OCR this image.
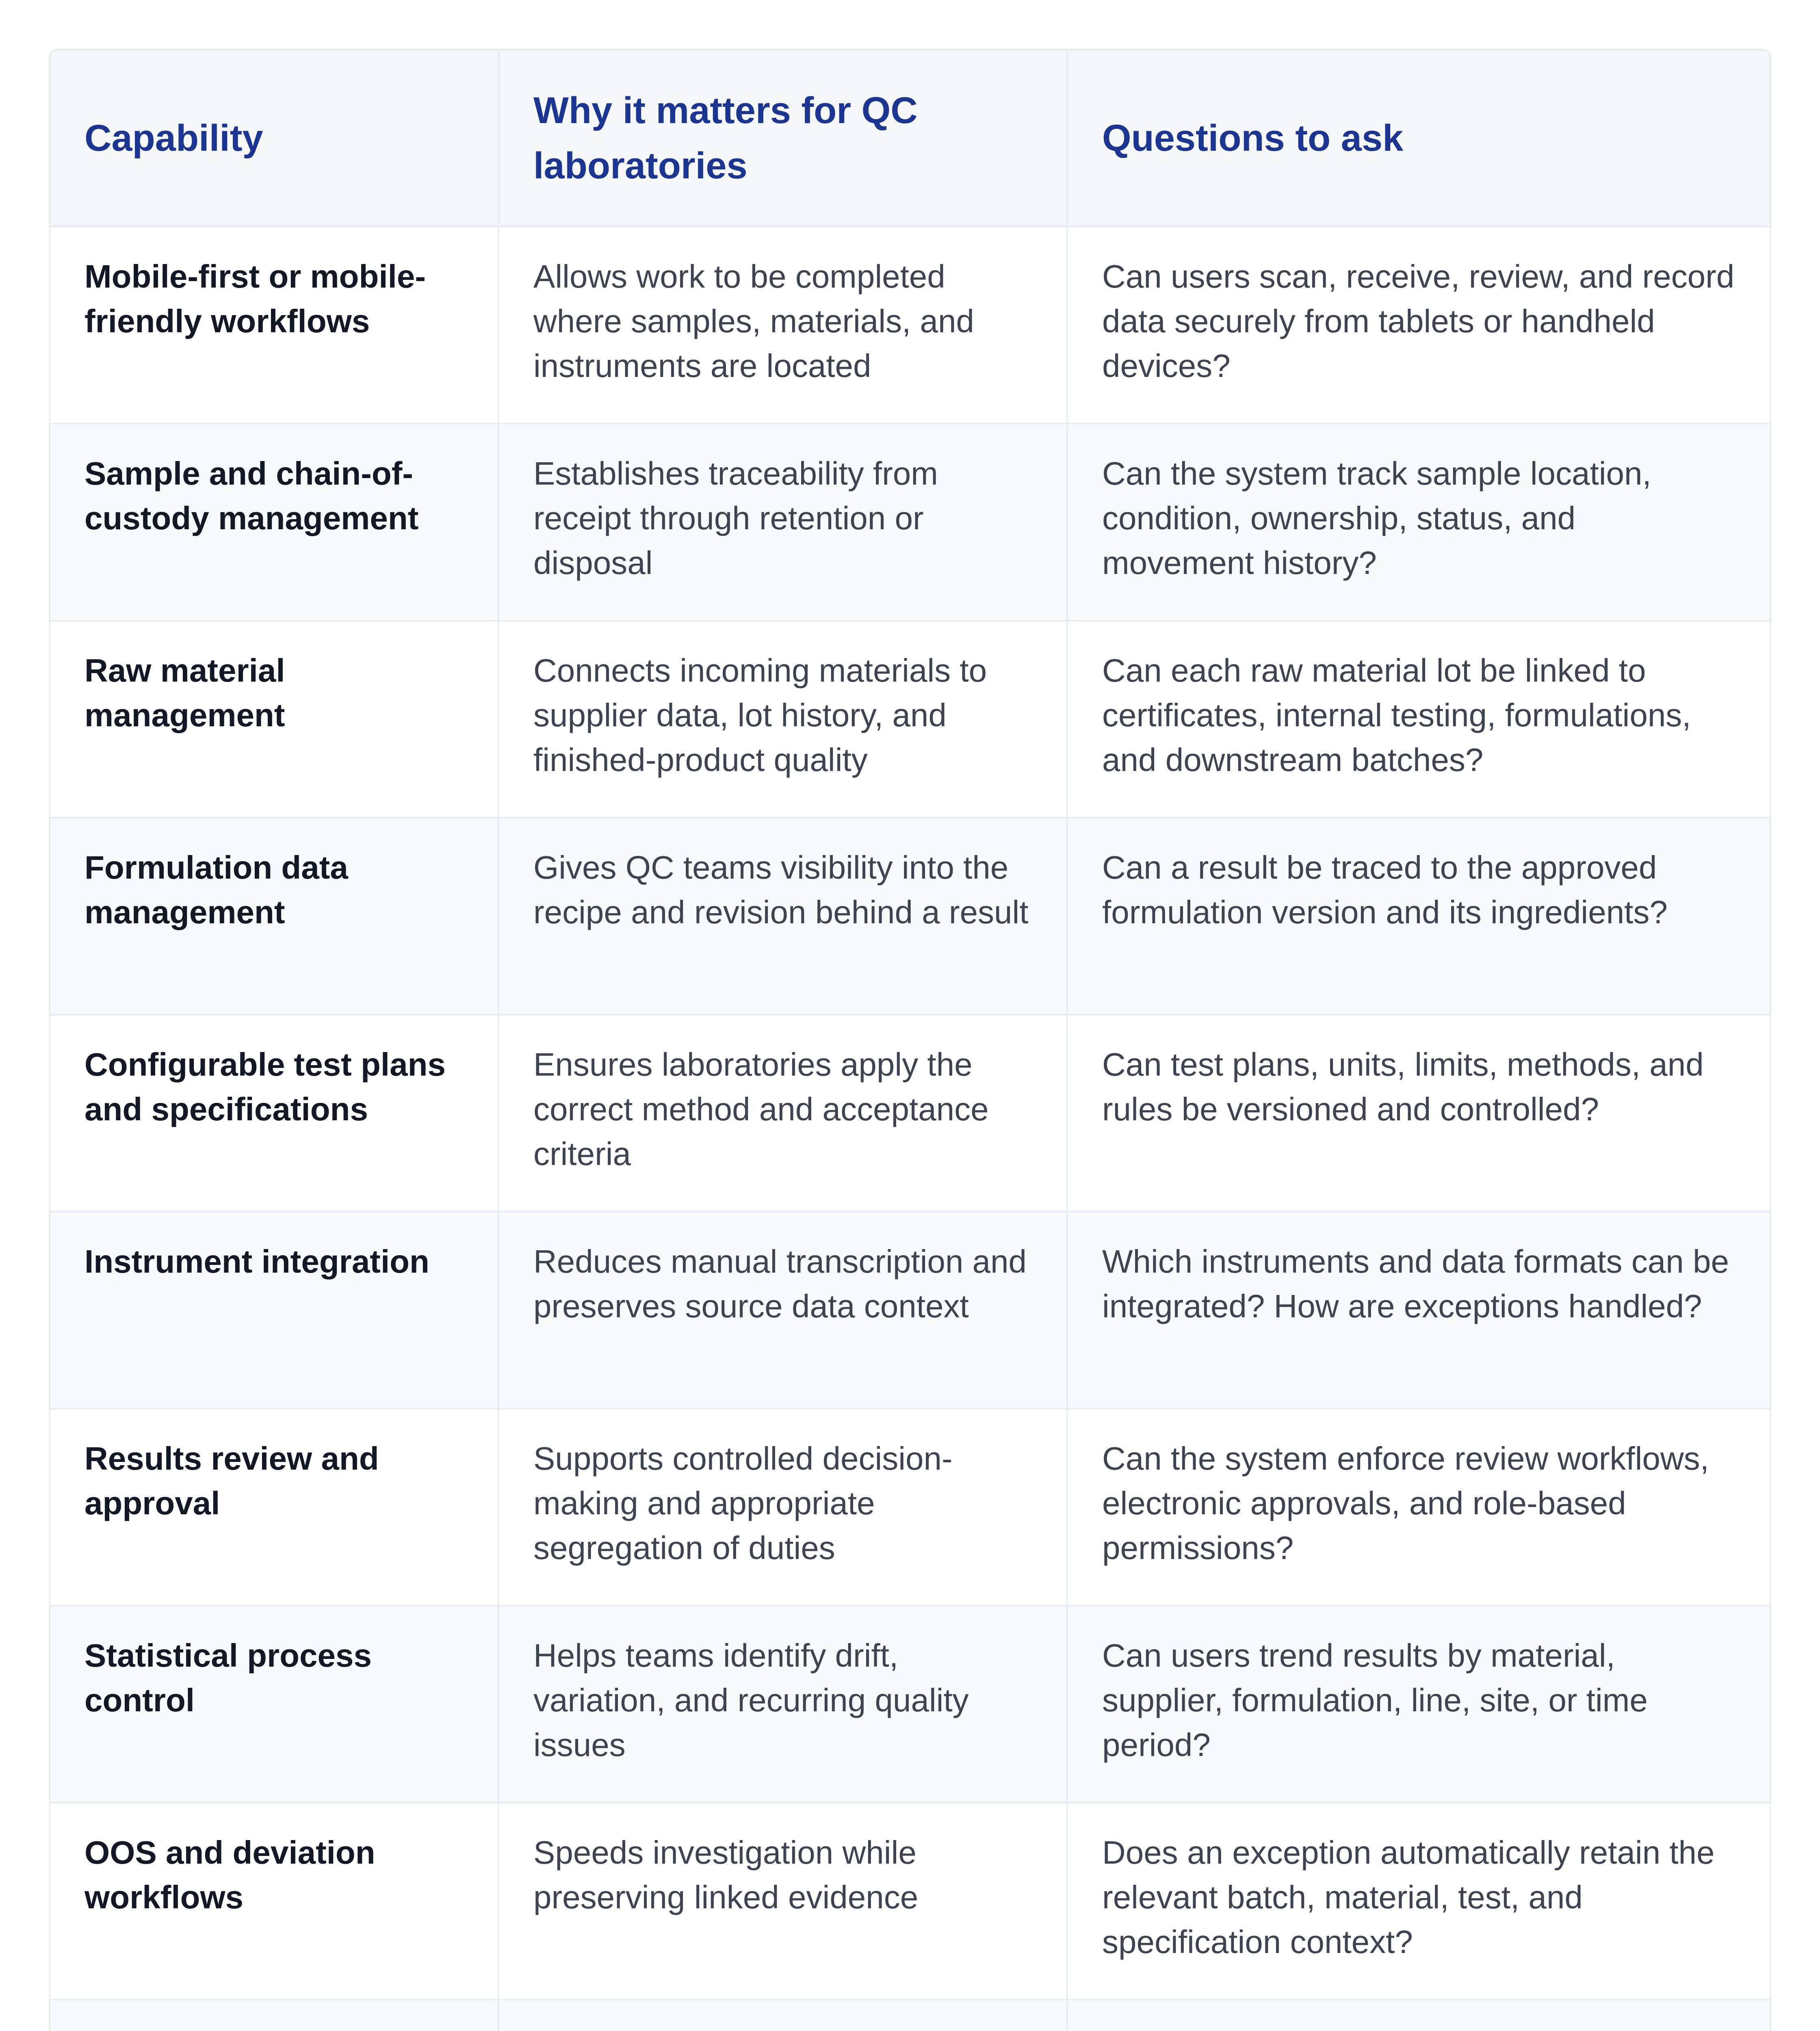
Capability	Why it matters for QC laboratories	Questions to ask
Mobile-first or mobile-friendly workflows	Allows work to be completed where samples, materials, and instruments are located	Can users scan, receive, review, and record data securely from tablets or handheld devices?
Sample and chain-of-custody management	Establishes traceability from receipt through retention or disposal	Can the system track sample location, condition, ownership, status, and movement history?
Raw material management	Connects incoming materials to supplier data, lot history, and finished-product quality	Can each raw material lot be linked to certificates, internal testing, formulations, and downstream batches?
Formulation data management	Gives QC teams visibility into the recipe and revision behind a result	Can a result be traced to the approved formulation version and its ingredients?
Configurable test plans and specifications	Ensures laboratories apply the correct method and acceptance criteria	Can test plans, units, limits, methods, and rules be versioned and controlled?
Instrument integration	Reduces manual transcription and preserves source data context	Which instruments and data formats can be integrated? How are exceptions handled?
Results review and approval	Supports controlled decision-making and appropriate segregation of duties	Can the system enforce review workflows, electronic approvals, and role-based permissions?
Statistical process control	Helps teams identify drift, variation, and recurring quality issues	Can users trend results by material, supplier, formulation, line, site, or time period?
OOS and deviation workflows	Speeds investigation while preserving linked evidence	Does an exception automatically retain the relevant batch, material, test, and specification context?
